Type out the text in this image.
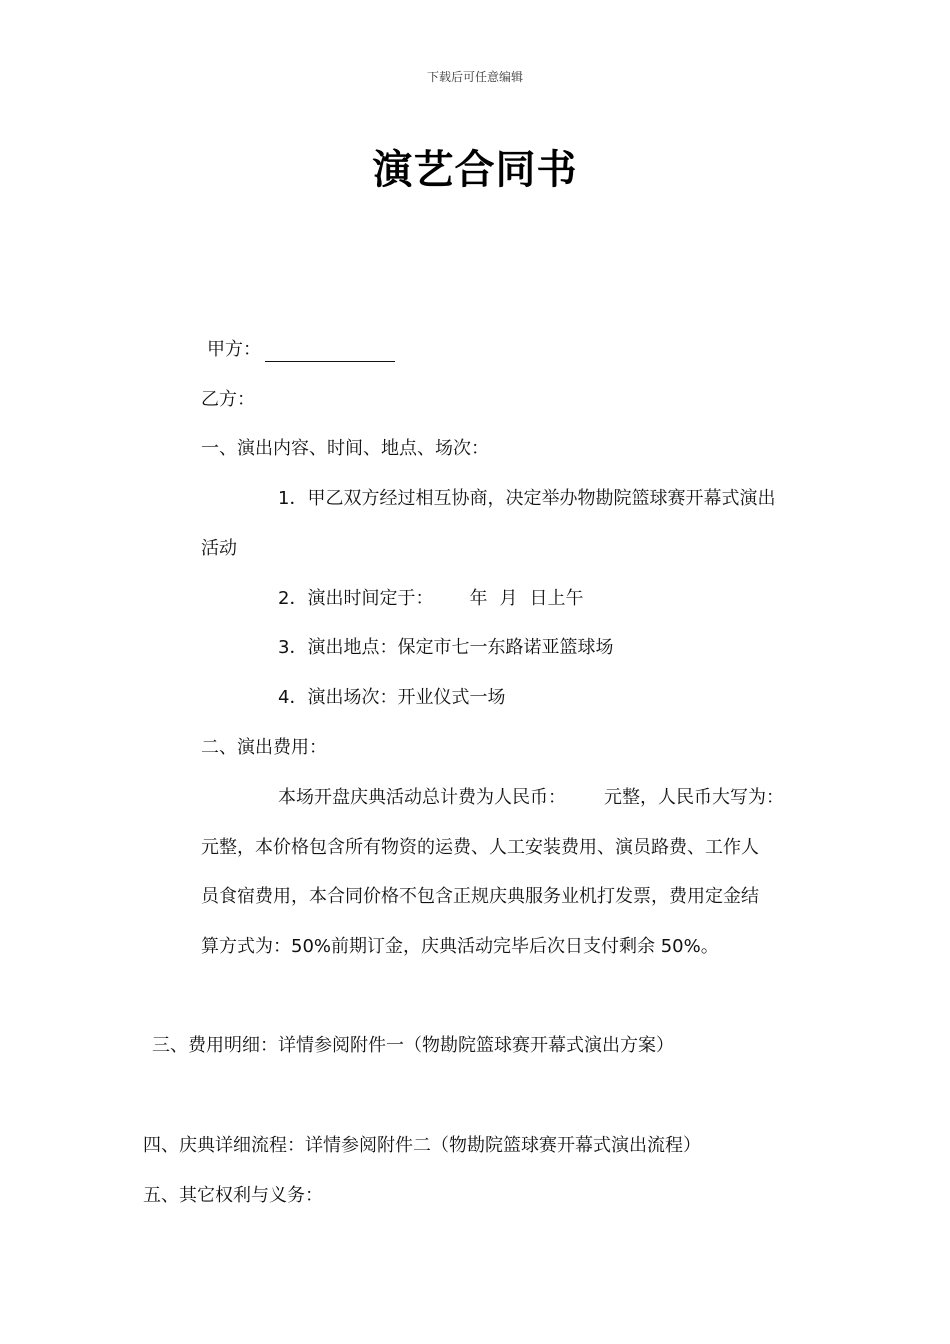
下载后可任意编辑
演艺合同书
甲方：
乙方：
一、演出内容、时间、地点、场次：
1．甲乙双方经过相互协商，决定举办物勘院篮球赛开幕式演出
活动
2．演出时间定于： 年 月 日上午
3．演出地点：保定市七一东路诺亚篮球场
4．演出场次：开业仪式一场
二、演出费用：
本场开盘庆典活动总计费为人民币： 元整，人民币大写为：
元整，本价格包含所有物资的运费、人工安装费用、演员路费、工作人
员食宿费用，本合同价格不包含正规庆典服务业机打发票，费用定金结
算方式为：50%前期订金，庆典活动完毕后次日支付剩余 50%。
三、费用明细：详情参阅附件一（物勘院篮球赛开幕式演出方案）
四、庆典详细流程：详情参阅附件二（物勘院篮球赛开幕式演出流程）
五、其它权利与义务：
